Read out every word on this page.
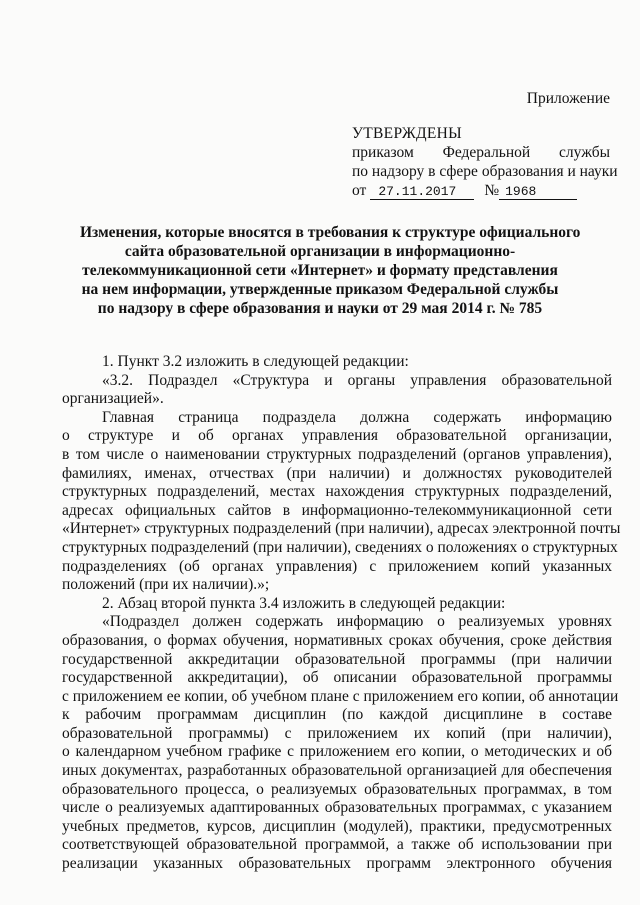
Приложение
УТВЕРЖДЕНЫ
приказом Федеральной службы
по надзору в сфере образования и науки
от 27.11.2017	№ 1968
Изменения, которые вносятся в требования к структуре официального
сайта образовательной организации в информационно-
телекоммуникационной сети «Интернет» и формату представления
на нем информации, утвержденные приказом Федеральной службы
по надзору в сфере образования и науки от 29 мая 2014 г. № 785
1. Пункт 3.2 изложить в следующей редакции:
«3.2. Подраздел «Структура и органы управления образовательной
организацией».
Главная страница подраздела должна содержать информацию
о структуре и об органах управления образовательной организации,
в том числе о наименовании структурных подразделений (органов управления),
фамилиях, именах, отчествах (при наличии) и должностях руководителей
структурных подразделений, местах нахождения структурных подразделений,
адресах официальных сайтов в информационно-телекоммуникационной сети
«Интернет» структурных подразделений (при наличии), адресах электронной почты
структурных подразделений (при наличии), сведениях о положениях о структурных
подразделениях (об органах управления) с приложением копий указанных
положений (при их наличии).»;
2. Абзац второй пункта 3.4 изложить в следующей редакции:
«Подраздел должен содержать информацию о реализуемых уровнях
образования, о формах обучения, нормативных сроках обучения, сроке действия
государственной аккредитации образовательной программы (при наличии
государственной аккредитации), об описании образовательной программы
с приложением ее копии, об учебном плане с приложением его копии, об аннотации
к рабочим программам дисциплин (по каждой дисциплине в составе
образовательной программы) с приложением их копий (при наличии),
о календарном учебном графике с приложением его копии, о методических и об
иных документах, разработанных образовательной организацией для обеспечения
образовательного процесса, о реализуемых образовательных программах, в том
числе о реализуемых адаптированных образовательных программах, с указанием
учебных предметов, курсов, дисциплин (модулей), практики, предусмотренных
соответствующей образовательной программой, а также об использовании при
реализации указанных образовательных программ электронного обучения
